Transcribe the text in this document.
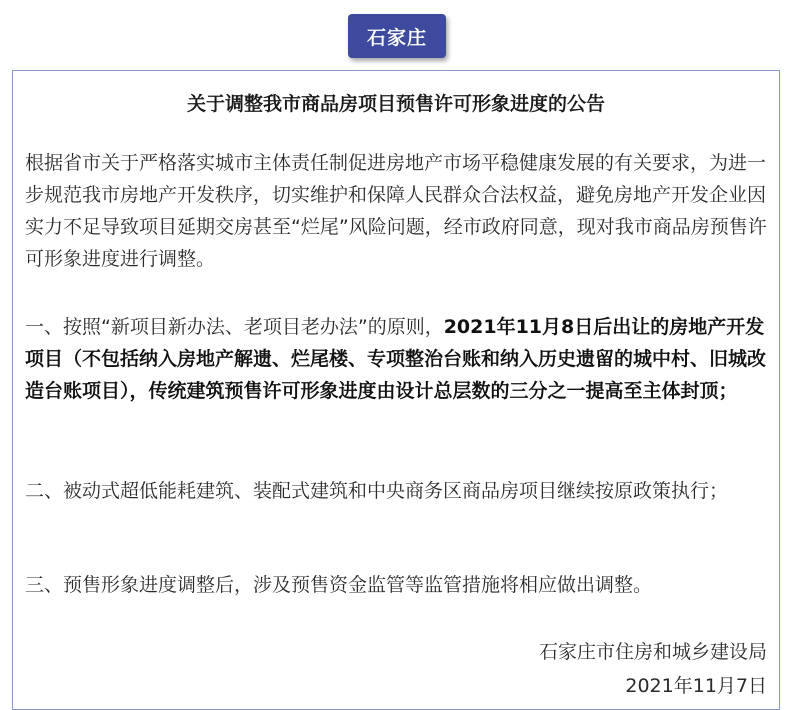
石家庄
关于调整我市商品房项目预售许可形象进度的公告
根据省市关于严格落实城市主体责任制促进房地产市场平稳健康发展的有关要求，为进一步规范我市房地产开发秩序，切实维护和保障人民群众合法权益，避免房地产开发企业因实力不足导致项目延期交房甚至“烂尾”风险问题，经市政府同意，现对我市商品房预售许可形象进度进行调整。
一、按照“新项目新办法、老项目老办法”的原则，2021年11月8日后出让的房地产开发项目（不包括纳入房地产解遗、烂尾楼、专项整治台账和纳入历史遗留的城中村、旧城改造台账项目），传统建筑预售许可形象进度由设计总层数的三分之一提高至主体封顶；
二、被动式超低能耗建筑、装配式建筑和中央商务区商品房项目继续按原政策执行；
三、预售形象进度调整后，涉及预售资金监管等监管措施将相应做出调整。
石家庄市住房和城乡建设局
2021年11月7日
